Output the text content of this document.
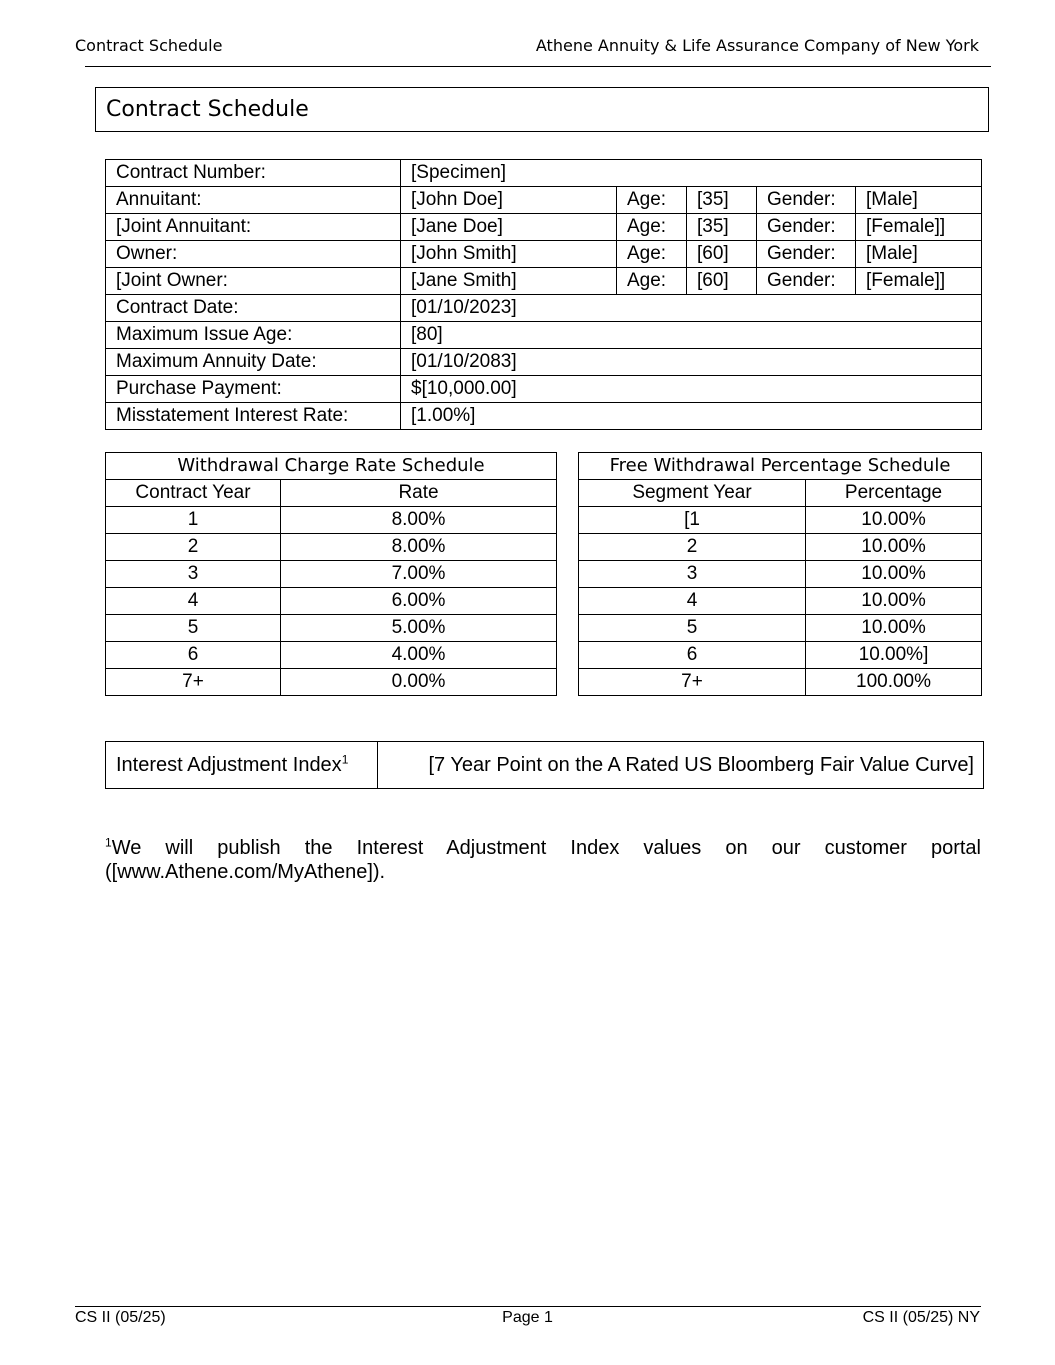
Contract Schedule	Athene Annuity & Life Assurance Company of New York
Contract Schedule
Contract Number:	[Specimen]				
Annuitant:	[John Doe]	Age:	[35]	Gender:	[Male]
[Joint Annuitant:	[Jane Doe]	Age:	[35]	Gender:	[Female]]
Owner:	[John Smith]	Age:	[60]	Gender:	[Male]
[Joint Owner:	[Jane Smith]	Age:	[60]	Gender:	[Female]]
Contract Date:	[01/10/2023]				
Maximum Issue Age:	[80]				
Maximum Annuity Date:	[01/10/2083]				
Purchase Payment:	$[10,000.00]				
Misstatement Interest Rate:	[1.00%]				
Withdrawal Charge Rate Schedule	
Contract Year	Rate
1	8.00%
2	8.00%
3	7.00%
4	6.00%
5	5.00%
6	4.00%
7+	0.00%
Free Withdrawal Percentage Schedule	
Segment Year	Percentage
[1	10.00%
2	10.00%
3	10.00%
4	10.00%
5	10.00%
6	10.00%]
7+	100.00%
Interest Adjustment Index$^1$	[7 Year Point on the A Rated US Bloomberg Fair Value Curve]
$^1$We will publish the Interest Adjustment Index values on our customer portal ([www.Athene.com/MyAthene]).
CS II (05/25)	Page 1	CS II (05/25) NY
